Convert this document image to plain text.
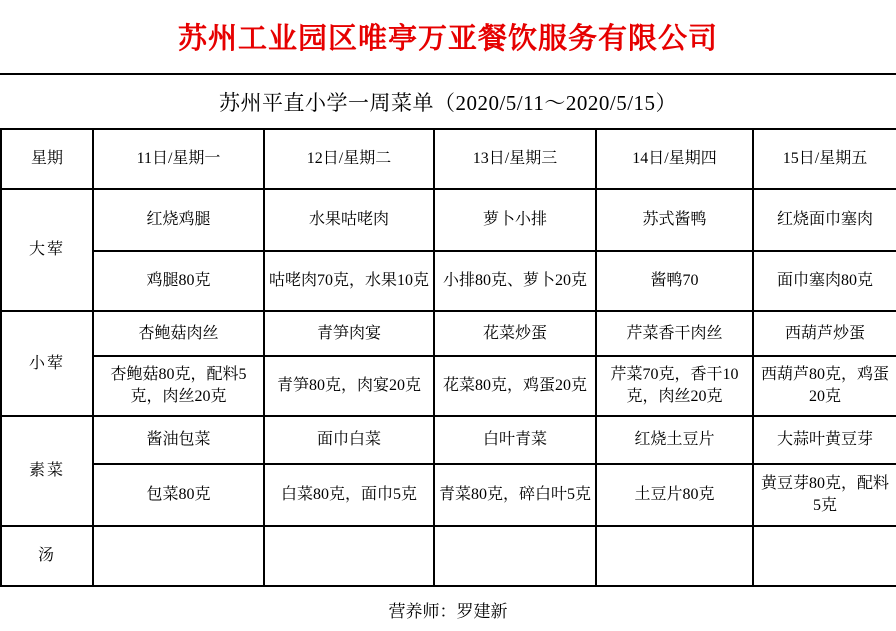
苏州工业园区唯亭万亚餐饮服务有限公司
苏州平直小学一周菜单（2020/5/11～2020/5/15）
星期	11日/星期一	12日/星期二	13日/星期三	14日/星期四	15日/星期五
大荤	红烧鸡腿	水果咕咾肉	萝卜小排	苏式酱鸭	红烧面巾塞肉
	鸡腿80克	咕咾肉70克，水果10克	小排80克、萝卜20克	酱鸭70	面巾塞肉80克
小荤	杏鲍菇肉丝	青笋肉宴	花菜炒蛋	芹菜香干肉丝	西葫芦炒蛋
	杏鲍菇80克，配料5克，肉丝20克	青笋80克，肉宴20克	花菜80克，鸡蛋20克	芹菜70克，香干10克，肉丝20克	西葫芦80克，鸡蛋20克
素菜	酱油包菜	面巾白菜	白叶青菜	红烧土豆片	大蒜叶黄豆芽
	包菜80克	白菜80克，面巾5克	青菜80克，碎白叶5克	土豆片80克	黄豆芽80克，配料5克
汤					
营养师：罗建新
